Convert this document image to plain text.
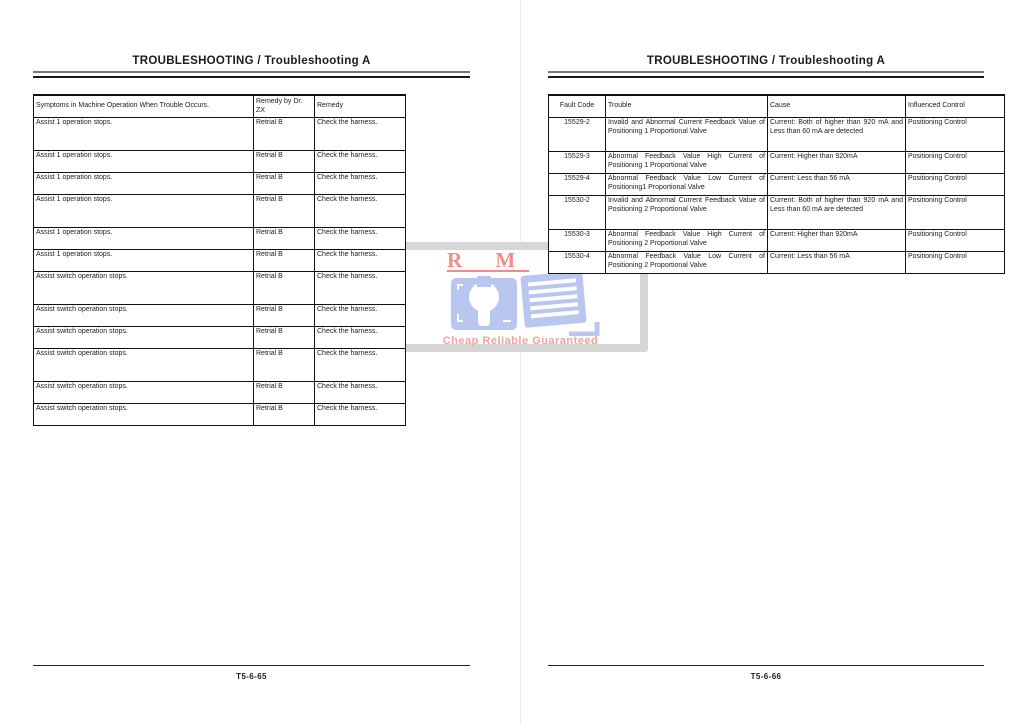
R M
Cheap Reliable Guaranteed
TROUBLESHOOTING / Troubleshooting A
Symptoms in Machine Operation When Trouble Occurs.	Remedy by Dr. ZX	Remedy
Assist 1 operation stops.	Retrial B	Check the harness.
Assist 1 operation stops.	Retrial B	Check the harness.
Assist 1 operation stops.	Retrial B	Check the harness.
Assist 1 operation stops.	Retrial B	Check the harness.
Assist 1 operation stops.	Retrial B	Check the harness.
Assist 1 operation stops.	Retrial B	Check the harness.
Assist switch operation stops.	Retrial B	Check the harness.
Assist switch operation stops.	Retrial B	Check the harness.
Assist switch operation stops.	Retrial B	Check the harness.
Assist switch operation stops.	Retrial B	Check the harness.
Assist switch operation stops.	Retrial B	Check the harness.
Assist switch operation stops.	Retrial B	Check the harness.
T5-6-65
TROUBLESHOOTING / Troubleshooting A
Fault Code	Trouble	Cause	Influenced Control
15529-2	Invalid and Abnormal Current Feedback Value of Positioning 1 Proportional Valve	Current: Both of higher than 920 mA and Less than 60 mA are detected	Positioning Control
15529-3	Abnormal Feedback Value High Current of Positioning 1 Proportional Valve	Current: Higher than 920mA	Positioning Control
15529-4	Abnormal Feedback Value Low Current of Positioning1 Proportional Valve	Current: Less than 56 mA	Positioning Control
15530-2	Invalid and Abnormal Current Feedback Value of Positioning 2 Proportional Valve	Current: Both of higher than 920 mA and Less than 60 mA are detected	Positioning Control
15530-3	Abnormal Feedback Value High Current of Positioning 2 Proportional Valve	Current: Higher than 920mA	Positioning Control
15530-4	Abnormal Feedback Value Low Current of Positioning 2 Proportional Valve	Current: Less than 56 mA	Positioning Control
T5-6-66
